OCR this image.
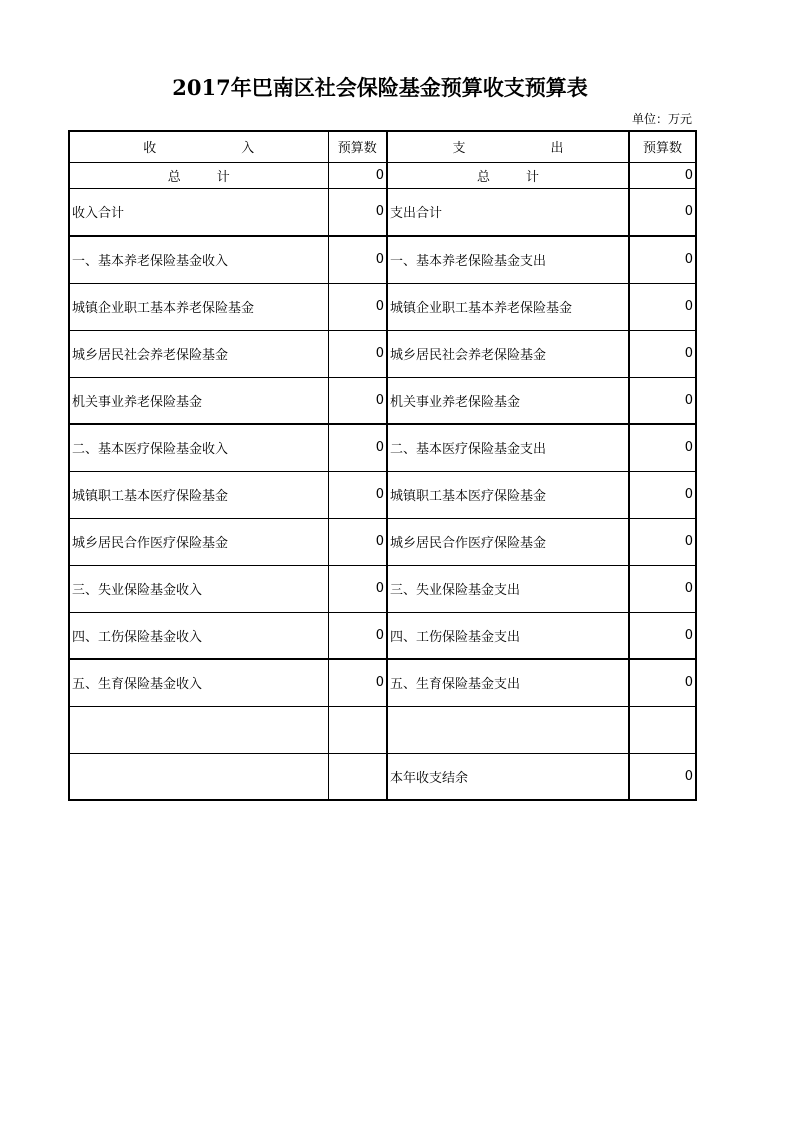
2017年巴南区社会保险基金预算收支预算表
单位：万元
收 入	预算数	支 出	预算数
总 计	0	总 计	0
收入合计	0	支出合计	0
一、基本养老保险基金收入	0	一、基本养老保险基金支出	0
城镇企业职工基本养老保险基金	0	城镇企业职工基本养老保险基金	0
城乡居民社会养老保险基金	0	城乡居民社会养老保险基金	0
机关事业养老保险基金	0	机关事业养老保险基金	0
二、基本医疗保险基金收入	0	二、基本医疗保险基金支出	0
城镇职工基本医疗保险基金	0	城镇职工基本医疗保险基金	0
城乡居民合作医疗保险基金	0	城乡居民合作医疗保险基金	0
三、失业保险基金收入	0	三、失业保险基金支出	0
四、工伤保险基金收入	0	四、工伤保险基金支出	0
五、生育保险基金收入	0	五、生育保险基金支出	0

		本年收支结余	0
